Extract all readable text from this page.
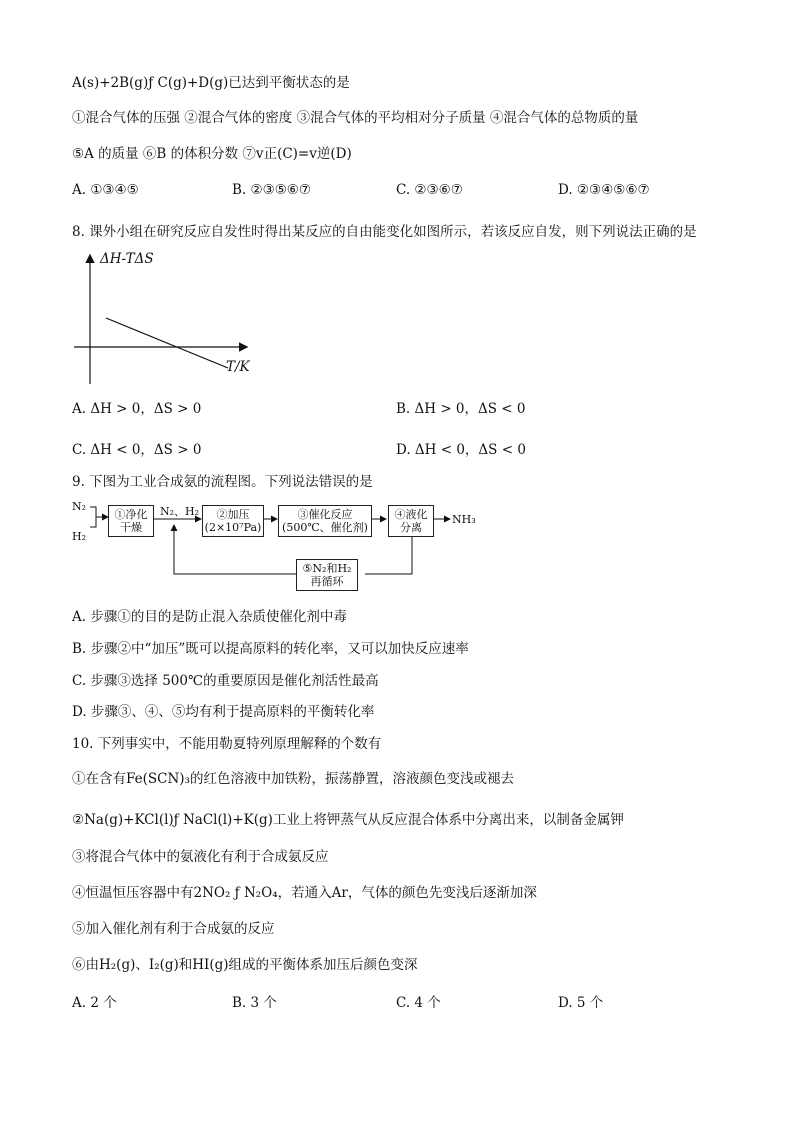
A(s)+2B(g)ƒ C(g)+D(g)已达到平衡状态的是
①混合气体的压强 ②混合气体的密度 ③混合气体的平均相对分子质量 ④混合气体的总物质的量
⑤A 的质量 ⑥B 的体积分数 ⑦v正(C)=v逆(D)
A. ①③④⑤	B. ②③⑤⑥⑦	C. ②③⑥⑦	D. ②③④⑤⑥⑦
8. 课外小组在研究反应自发性时得出某反应的自由能变化如图所示，若该反应自发，则下列说法正确的是
ΔH-TΔS
T/K
A. ΔH > 0，ΔS > 0	B. ΔH > 0，ΔS < 0
C. ΔH < 0，ΔS > 0	D. ΔH < 0，ΔS < 0
9. 下图为工业合成氨的流程图。下列说法错误的是
N₂
H₂
①净化
干燥
N₂、H₂ ②加压
(2×10⁷Pa)
③催化反应
(500℃、催化剂)
④液化
分离
NH₃
⑤N₂和H₂
再循环
A. 步骤①的目的是防止混入杂质使催化剂中毒
B. 步骤②中“加压”既可以提高原料的转化率，又可以加快反应速率
C. 步骤③选择 500℃的重要原因是催化剂活性最高
D. 步骤③、④、⑤均有利于提高原料的平衡转化率
10. 下列事实中，不能用勒夏特列原理解释的个数有
①在含有Fe(SCN)₃的红色溶液中加铁粉，振荡静置，溶液颜色变浅或褪去
②Na(g)+KCl(l)ƒ NaCl(l)+K(g)工业上将钾蒸气从反应混合体系中分离出来，以制备金属钾
③将混合气体中的氨液化有利于合成氨反应
④恒温恒压容器中有2NO₂ ƒ N₂O₄，若通入Ar，气体的颜色先变浅后逐渐加深
⑤加入催化剂有利于合成氨的反应
⑥由H₂(g)、I₂(g)和HI(g)组成的平衡体系加压后颜色变深
A. 2 个	B. 3 个	C. 4 个	D. 5 个
